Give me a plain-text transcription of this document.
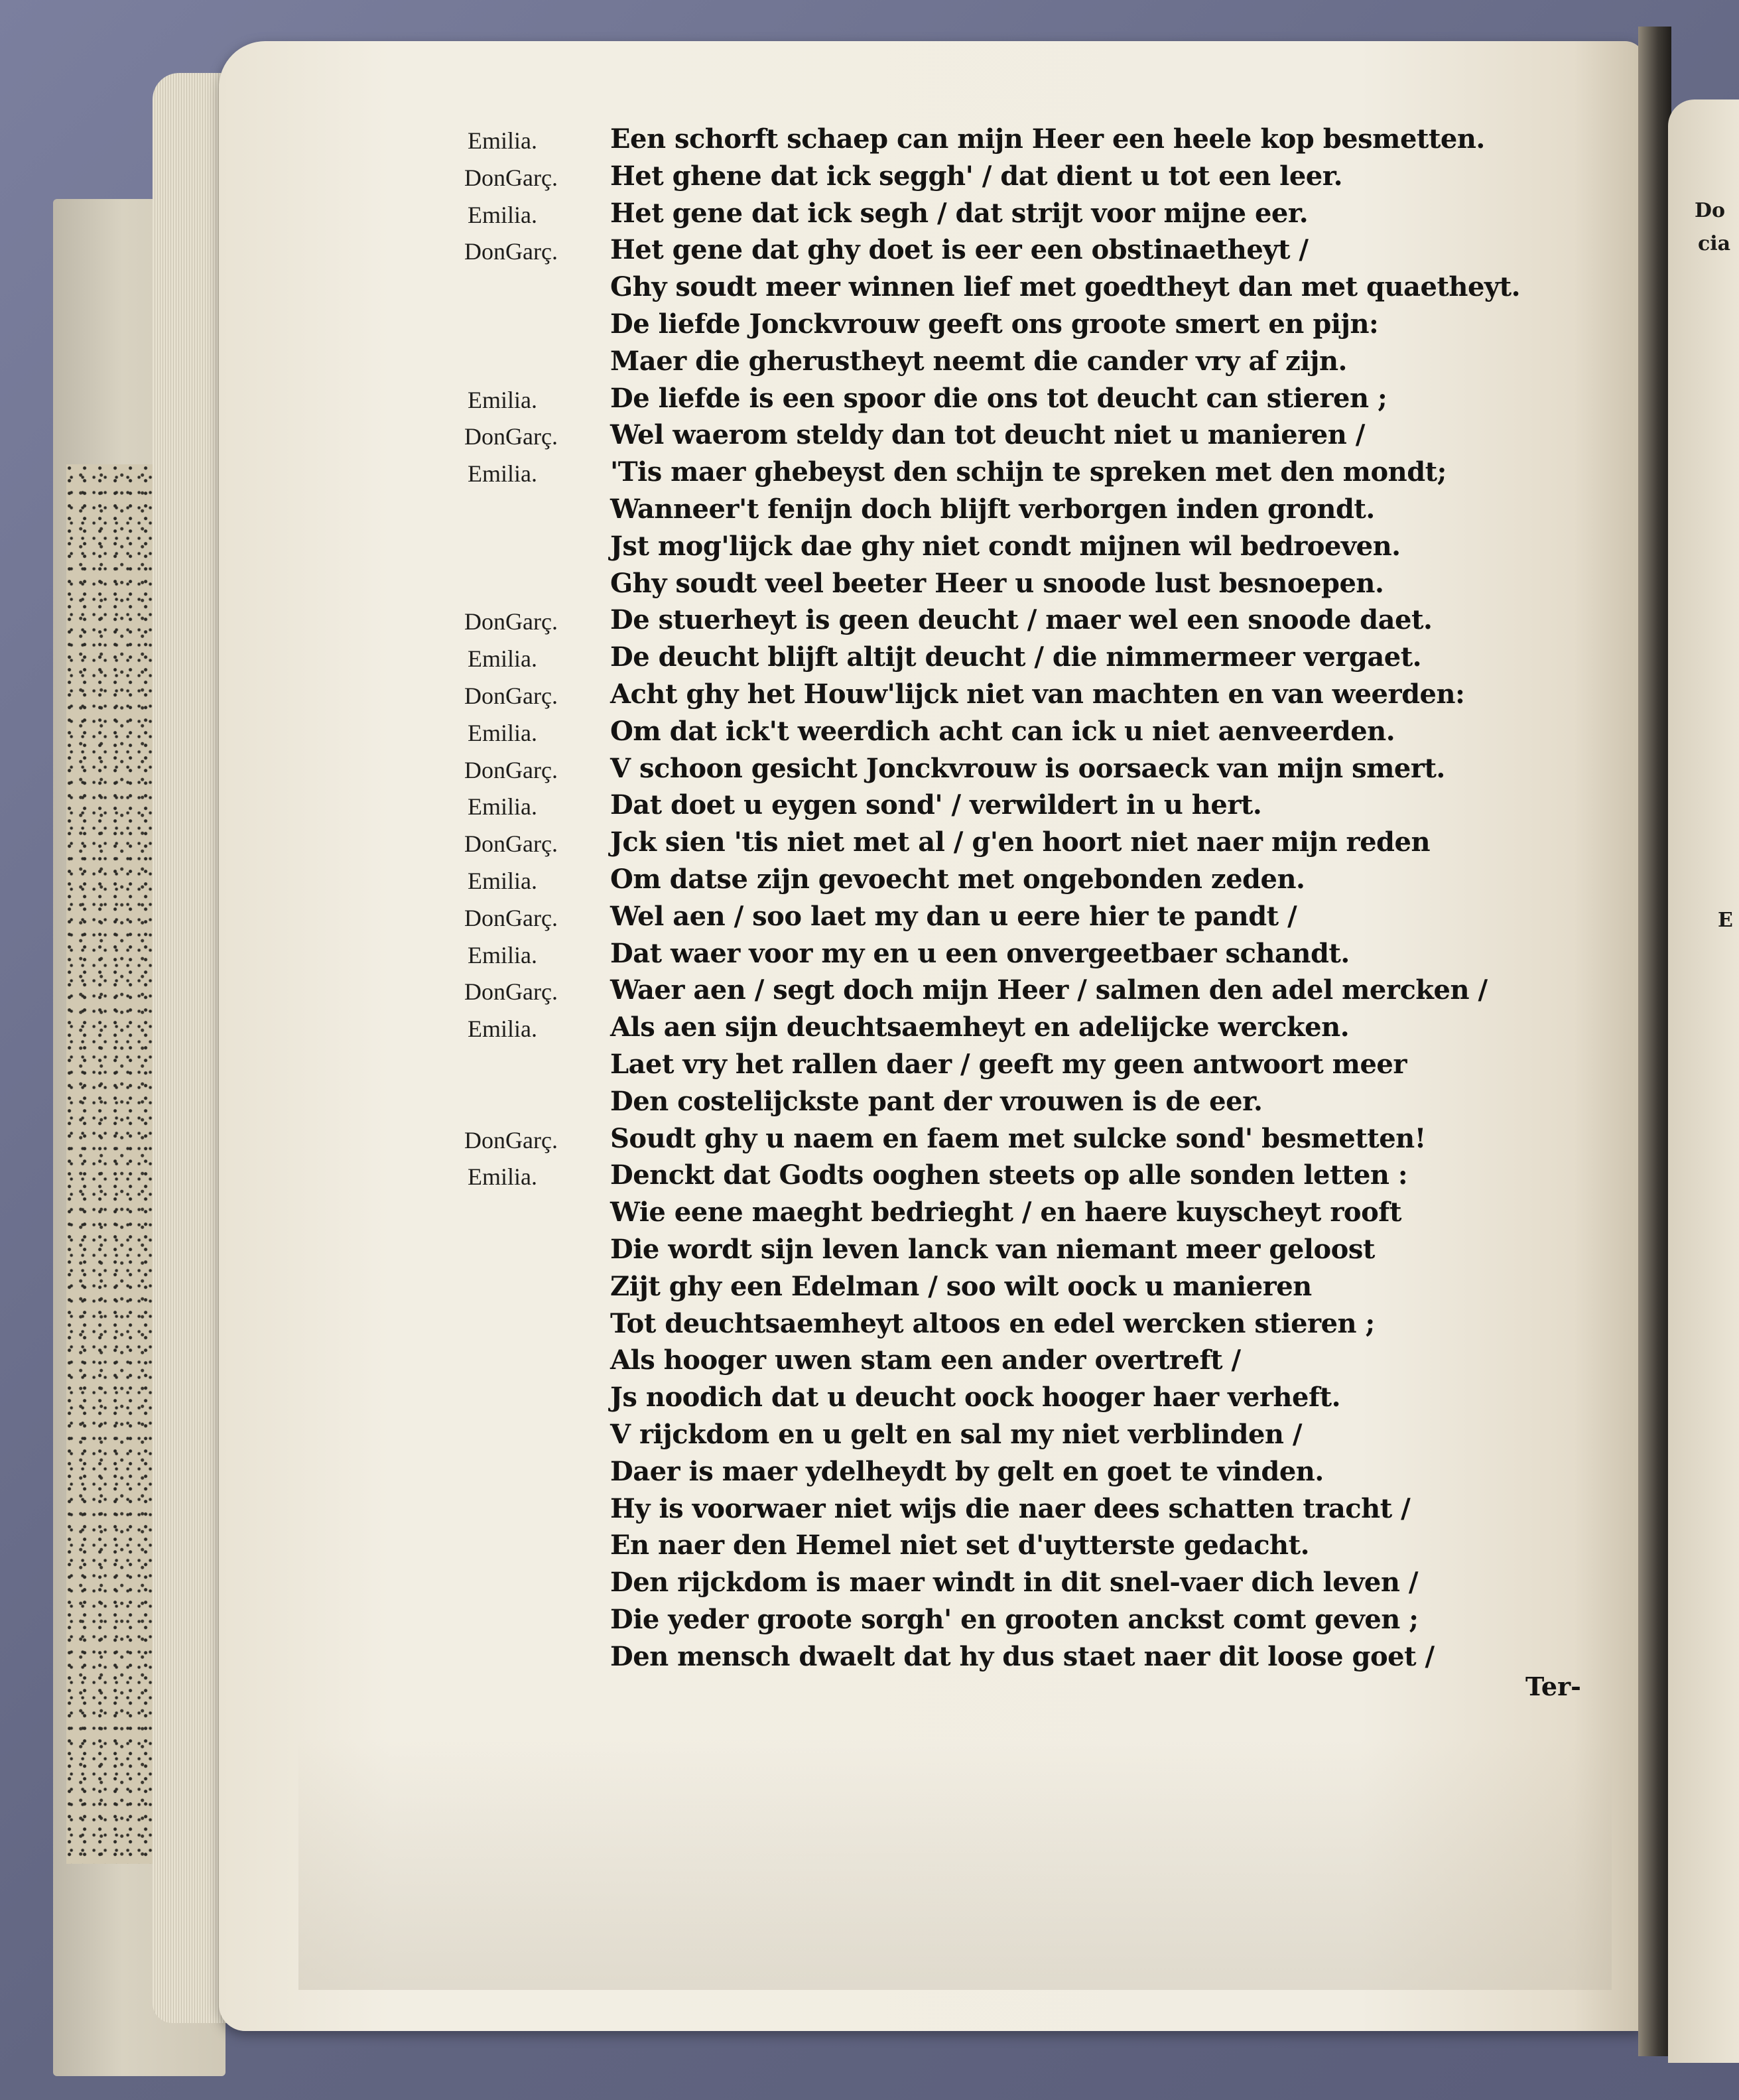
Do
cia
E
Een schorft schaep can mijn Heer een heele kop besmetten.
Het ghene dat ick seggh' / dat dient u tot een leer.
Het gene dat ick segh / dat strijt voor mijne eer.
Het gene dat ghy doet is eer een obstinaetheyt /
Ghy soudt meer winnen lief met goedtheyt dan met quaetheyt.
De liefde Jonckvrouw geeft ons groote smert en pijn:
Maer die gherustheyt neemt die cander vry af zijn.
De liefde is een spoor die ons tot deucht can stieren ;
Wel waerom steldy dan tot deucht niet u manieren /
'Tis maer ghebeyst den schijn te spreken met den mondt;
Wanneer't fenijn doch blijft verborgen inden grondt.
Jst mog'lijck dae ghy niet condt mijnen wil bedroeven.
Ghy soudt veel beeter Heer u snoode lust besnoepen.
De stuerheyt is geen deucht / maer wel een snoode daet.
De deucht blijft altijt deucht / die nimmermeer vergaet.
Acht ghy het Houw'lijck niet van machten en van weerden:
Om dat ick't weerdich acht can ick u niet aenveerden.
V schoon gesicht Jonckvrouw is oorsaeck van mijn smert.
Dat doet u eygen sond' / verwildert in u hert.
Jck sien 'tis niet met al / g'en hoort niet naer mijn reden
Om datse zijn gevoecht met ongebonden zeden.
Wel aen / soo laet my dan u eere hier te pandt /
Dat waer voor my en u een onvergeetbaer schandt.
Waer aen / segt doch mijn Heer / salmen den adel mercken /
Als aen sijn deuchtsaemheyt en adelijcke wercken.
Laet vry het rallen daer / geeft my geen antwoort meer
Den costelijckste pant der vrouwen is de eer.
Soudt ghy u naem en faem met sulcke sond' besmetten!
Denckt dat Godts ooghen steets op alle sonden letten :
Wie eene maeght bedrieght / en haere kuyscheyt rooft
Die wordt sijn leven lanck van niemant meer geloost
Zijt ghy een Edelman / soo wilt oock u manieren
Tot deuchtsaemheyt altoos en edel wercken stieren ;
Als hooger uwen stam een ander overtreft /
Js noodich dat u deucht oock hooger haer verheft.
V rijckdom en u gelt en sal my niet verblinden /
Daer is maer ydelheydt by gelt en goet te vinden.
Hy is voorwaer niet wijs die naer dees schatten tracht /
En naer den Hemel niet set d'uytterste gedacht.
Den rijckdom is maer windt in dit snel-vaer dich leven /
Die yeder groote sorgh' en grooten anckst comt geven ;
Den mensch dwaelt dat hy dus staet naer dit loose goet /
Emilia.
DonGarç.
Emilia.
DonGarç.
Emilia.
DonGarç.
Emilia.
DonGarç.
Emilia.
DonGarç.
Emilia.
DonGarç.
Emilia.
DonGarç.
Emilia.
DonGarç.
Emilia.
DonGarç.
Emilia.
DonGarç.
Emilia.
Ter-
